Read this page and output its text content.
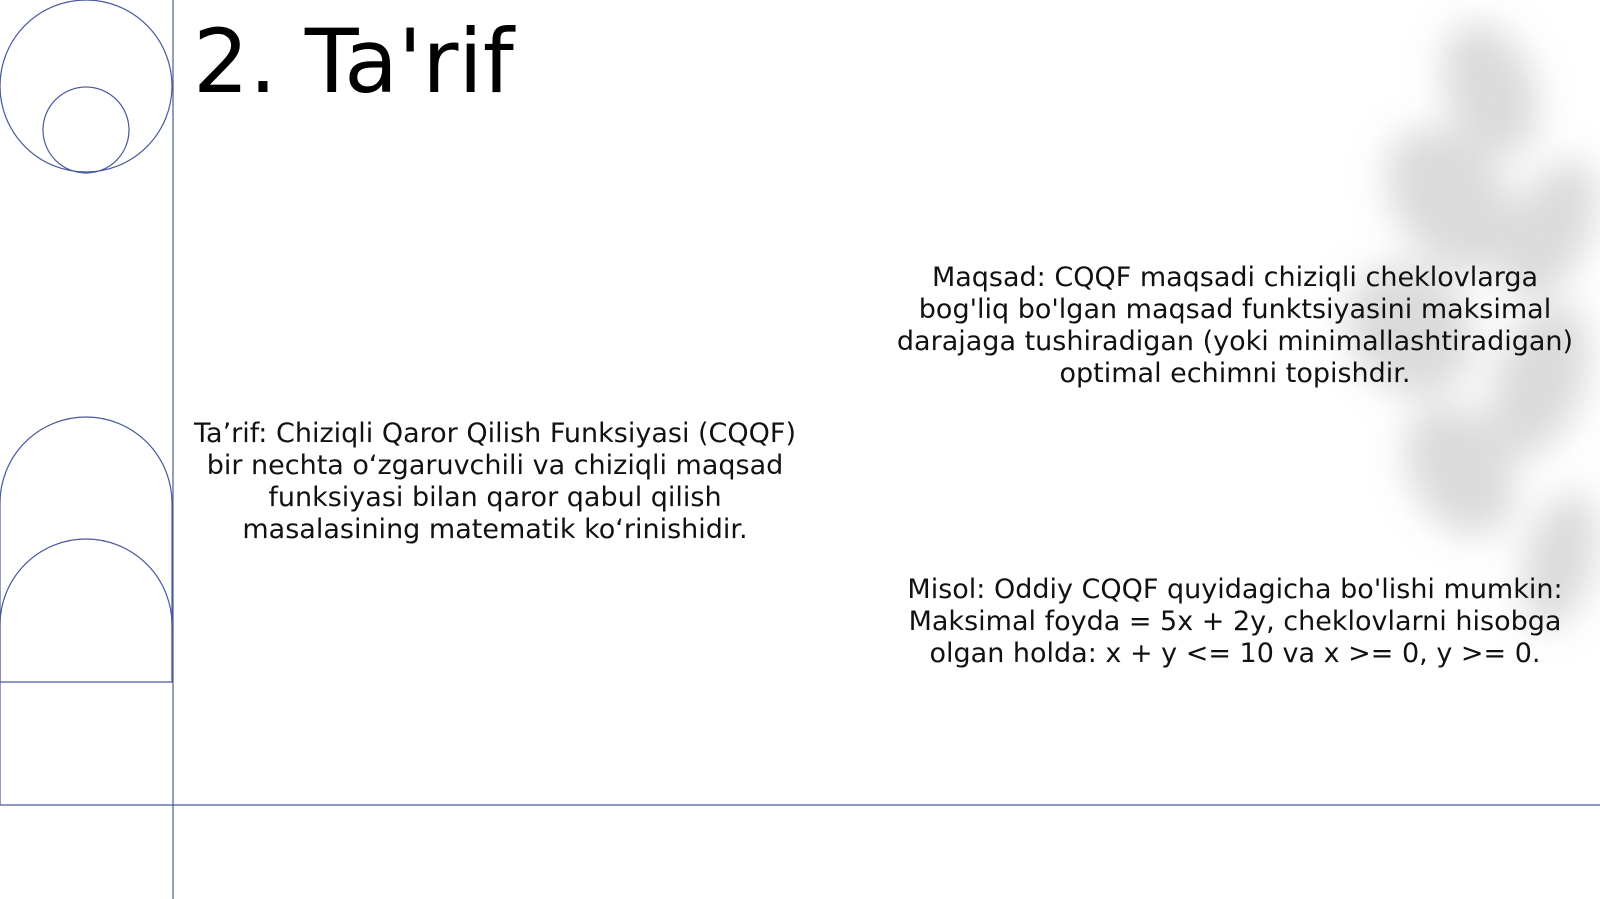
2. Ta'rif

Ta’rif: Chiziqli Qaror Qilish Funksiyasi (CQQF) bir nechta o‘zgaruvchili va chiziqli maqsad funksiyasi bilan qaror qabul qilish masalasining matematik ko‘rinishidir.

Maqsad: CQQF maqsadi chiziqli cheklovlarga bog'liq bo'lgan maqsad funktsiyasini maksimal darajaga tushiradigan (yoki minimallashtiradigan) optimal echimni topishdir.

Misol: Oddiy CQQF quyidagicha bo'lishi mumkin: Maksimal foyda = 5x + 2y, cheklovlarni hisobga olgan holda: x + y <= 10 va x >= 0, y >= 0.
